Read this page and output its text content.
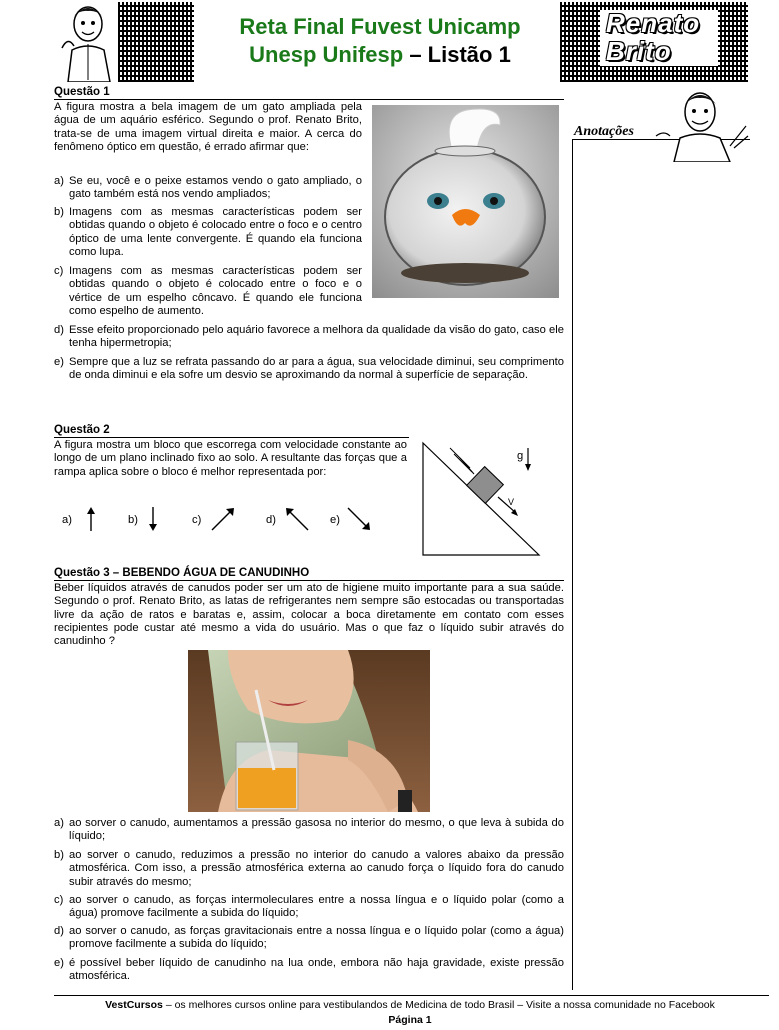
Reta Final Fuvest Unicamp
Unesp Unifesp – Listão 1
Renato
Brito
Anotações
Questão 1
A figura mostra a bela imagem de um gato ampliada pela água de um aquário esférico. Segundo o prof. Renato Brito, trata-se de uma imagem virtual direita e maior. A cerca do fenômeno óptico em questão, é errado afirmar que:
a) Se eu, você e o peixe estamos vendo o gato ampliado, o gato também está nos vendo ampliados;
b) Imagens com as mesmas características podem ser obtidas quando o objeto é colocado entre o foco e o centro óptico de uma lente convergente. É quando ela funciona como lupa.
c) Imagens com as mesmas características podem ser obtidas quando o objeto é colocado entre o foco e o vértice de um espelho côncavo. É quando ele funciona como espelho de aumento.
d) Esse efeito proporcionado pelo aquário favorece a melhora da qualidade da visão do gato, caso ele tenha hipermetropia;
e) Sempre que a luz se refrata passando do ar para a água, sua velocidade diminui, seu comprimento de onda diminui e ela sofre um desvio se aproximando da normal à superfície de separação.
Questão 2
A figura mostra um bloco que escorrega com velocidade constante ao longo de um plano inclinado fixo ao solo. A resultante das forças que a rampa aplica sobre o bloco é melhor representada por:
a)	b)	c)	d)	e)
g
V
Questão 3 – BEBENDO ÁGUA DE CANUDINHO
Beber líquidos através de canudos poder ser um ato de higiene muito importante para a sua saúde. Segundo o prof. Renato Brito, as latas de refrigerantes nem sempre são estocadas ou transportadas livre da ação de ratos e baratas e, assim, colocar a boca diretamente em contato com esses recipientes pode custar até mesmo a vida do usuário. Mas o que faz o líquido subir através do canudinho ?
a) ao sorver o canudo, aumentamos a pressão gasosa no interior do mesmo, o que leva à subida do líquido;
b) ao sorver o canudo, reduzimos a pressão no interior do canudo a valores abaixo da pressão atmosférica. Com isso, a pressão atmosférica externa ao canudo força o líquido fora do canudo subir através do mesmo;
c) ao sorver o canudo, as forças intermoleculares entre a nossa língua e o líquido polar (como a água) promove facilmente a subida do líquido;
d) ao sorver o canudo, as forças gravitacionais entre a nossa língua e o líquido polar (como a água) promove facilmente a subida do líquido;
e) é possível beber líquido de canudinho na lua onde, embora não haja gravidade, existe pressão atmosférica.
VestCursos – os melhores cursos online para vestibulandos de Medicina de todo Brasil – Visite a nossa comunidade no Facebook
Página 1
